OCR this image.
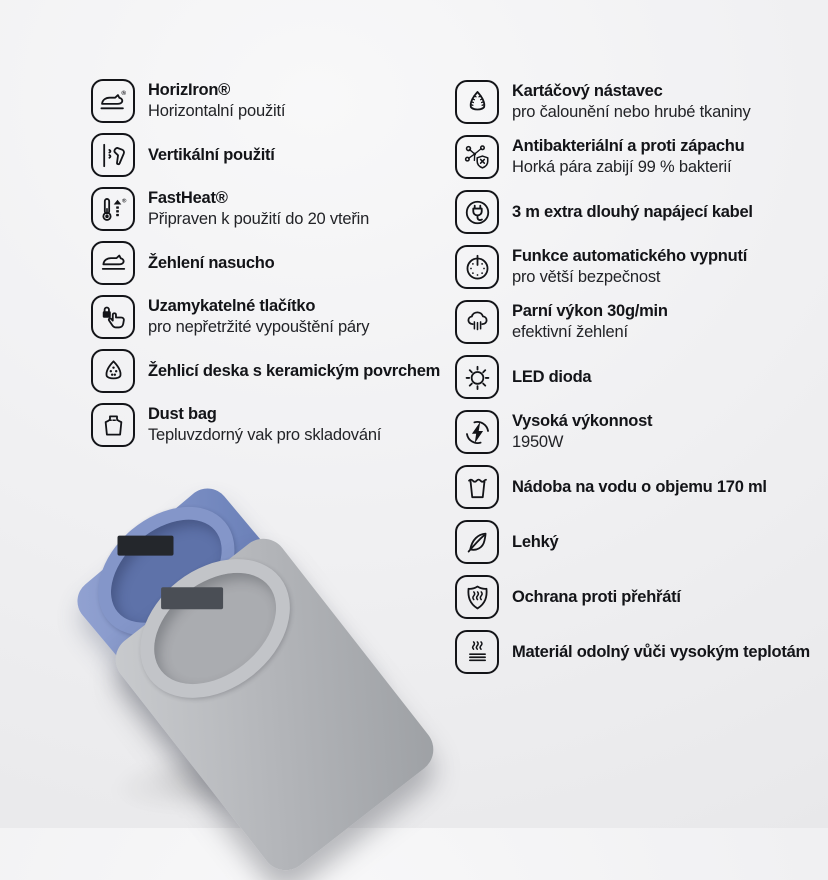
® HorizIron®
Horizontalní použití
Vertikální použití
® FastHeat®
Připraven k použití do 20 vteřin
Žehlení nasucho
Uzamykatelné tlačítko
pro nepřetržité vypouštění páry
Žehlicí deska s keramickým povrchem
Dust bag
Tepluvzdorný vak pro skladování
Kartáčový nástavec
pro čalounění nebo hrubé tkaniny
Antibakteriální a proti zápachu
Horká pára zabijí 99 % bakterií
3 m extra dlouhý napájecí kabel
Funkce automatického vypnutí
pro větší bezpečnost
Parní výkon 30g/min
efektivní žehlení
LED dioda
Vysoká výkonnost
1950W
Nádoba na vodu o objemu 170 ml
Lehký
Ochrana proti přehřátí
Materiál odolný vůči vysokým teplotám
